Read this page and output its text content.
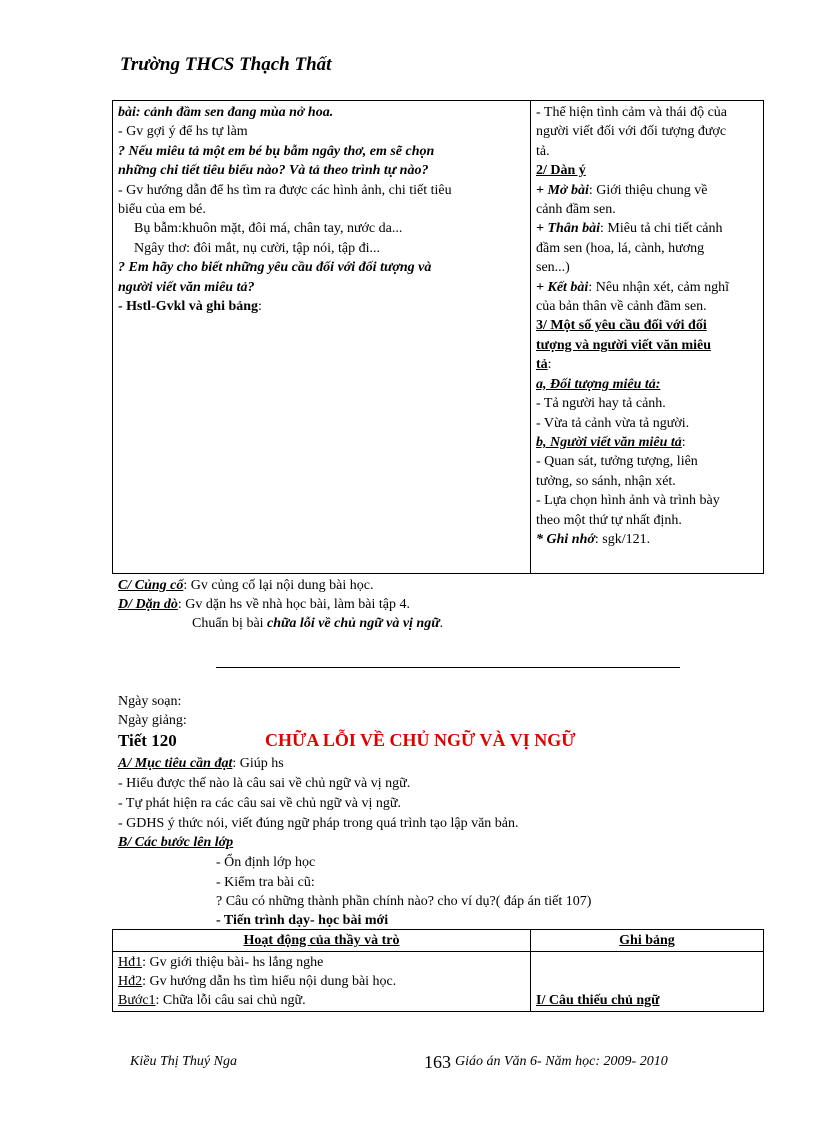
Trường THCS Thạch Thất
bài: cảnh đầm sen đang mùa nở hoa.
- Gv gợi ý để hs tự làm
? Nếu miêu tả một em bé bụ bẫm ngây thơ, em sẽ chọn
những chi tiết tiêu biểu nào? Và tả theo trình tự nào?
- Gv hướng dẫn để hs tìm ra được các hình ảnh, chi tiết tiêu
biểu của em bé.
Bụ bẫm:khuôn mặt, đôi má, chân tay, nước da...
Ngây thơ: đôi mắt, nụ cười, tập nói, tập đi...
? Em hãy cho biết những yêu cầu đối với đối tượng và
người viết văn miêu tả?
- Hstl-Gvkl và ghi bảng:

- Thể hiện tình cảm và thái độ của
người viết đối với đối tượng được
tả.
2/ Dàn ý
+ Mở bài: Giới thiệu chung về
cảnh đầm sen.
+ Thân bài: Miêu tả chi tiết cảnh
đầm sen (hoa, lá, cành, hương
sen...)
+ Kết bài: Nêu nhận xét, cảm nghĩ
của bản thân về cảnh đầm sen.
3/ Một số yêu cầu đối với đối
tượng và người viết văn miêu
tả:
a, Đối tượng miêu tả:
- Tả người hay tả cảnh.
- Vừa tả cảnh vừa tả người.
b, Người viết văn miêu tả:
- Quan sát, tưởng tượng, liên
tưởng, so sánh, nhận xét.
- Lựa chọn hình ảnh và trình bày
theo một thứ tự nhất định.
* Ghi nhớ: sgk/121.
C/ Củng cố: Gv củng cố lại nội dung bài học.
D/ Dặn dò: Gv dặn hs về nhà học bài, làm bài tập 4.
Chuẩn bị bài chữa lỗi về chủ ngữ và vị ngữ.
Ngày soạn:
Ngày giảng:
Tiết 120	CHỮA LỖI VỀ CHỦ NGỮ VÀ VỊ NGỮ
A/ Mục tiêu cần đạt: Giúp hs
- Hiểu được thế nào là câu sai về chủ ngữ và vị ngữ.
- Tự phát hiện ra các câu sai về chủ ngữ và vị ngữ.
- GDHS ý thức nói, viết đúng ngữ pháp trong quá trình tạo lập văn bản.
B/ Các bước lên lớp
- Ổn định lớp học
- Kiểm tra bài cũ:
? Câu có những thành phần chính nào? cho ví dụ?( đáp án tiết 107)
- Tiến trình dạy- học bài mới
Hoạt động của thầy và trò	Ghi bảng

Hđ1: Gv giới thiệu bài- hs lắng nghe
Hđ2: Gv hướng dẫn hs tìm hiểu nội dung bài học.
Bước1: Chữa lỗi câu sai chủ ngữ.	I/ Câu thiếu chủ ngữ
Kiều Thị Thuý Nga	163 Giáo án Văn 6- Năm học: 2009- 2010
